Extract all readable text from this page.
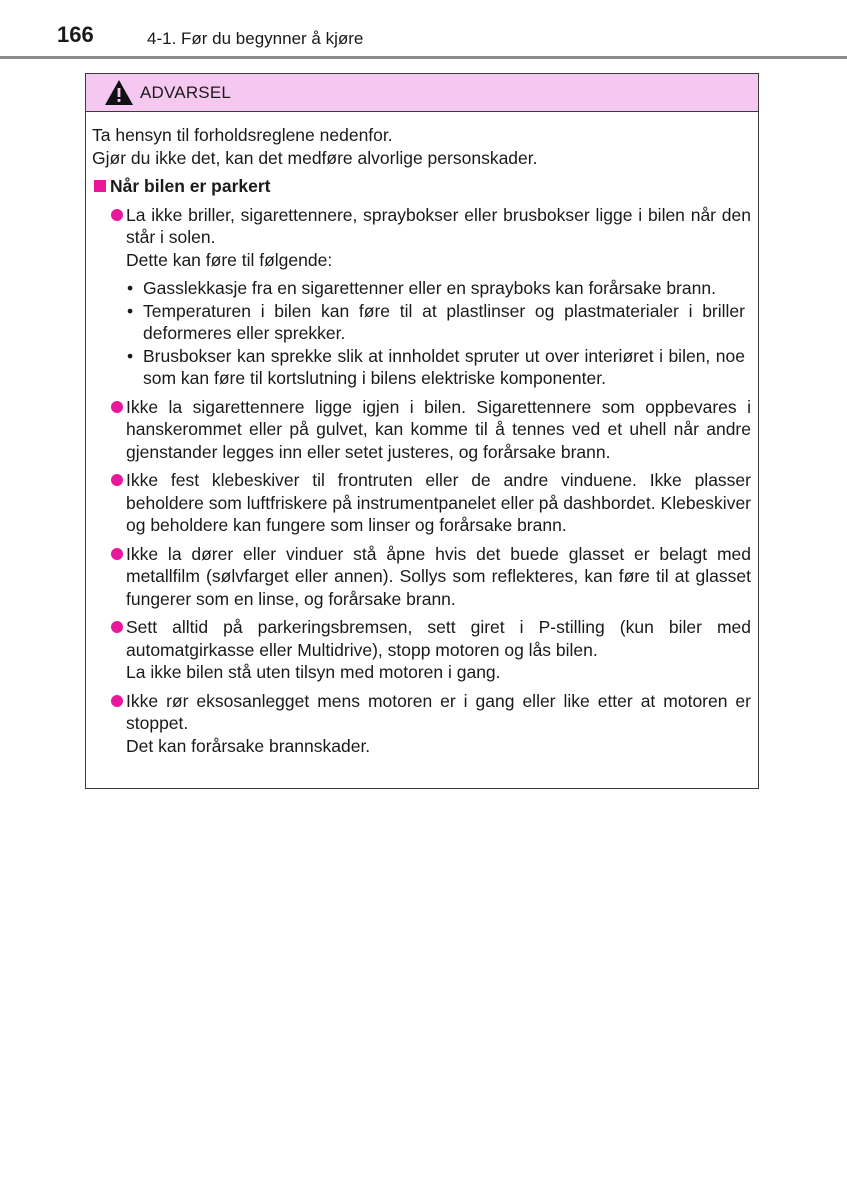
166	4-1. Før du begynner å kjøre
ADVARSEL
Ta hensyn til forholdsreglene nedenfor.
Gjør du ikke det, kan det medføre alvorlige personskader.
Når bilen er parkert

La ikke briller, sigarettennere, spraybokser eller brusbokser ligge i bilen når den står i solen.

Dette kan føre til følgende:

• Gasslekkasje fra en sigarettenner eller en sprayboks kan forårsake brann.
• Temperaturen i bilen kan føre til at plastlinser og plastmaterialer i briller deformeres eller sprekker.
• Brusbokser kan sprekke slik at innholdet spruter ut over interiøret i bilen, noe som kan føre til kortslutning i bilens elektriske komponenter.

Ikke la sigarettennere ligge igjen i bilen. Sigarettennere som oppbevares i hanskerommet eller på gulvet, kan komme til å tennes ved et uhell når andre gjenstander legges inn eller setet justeres, og forårsake brann.

Ikke fest klebeskiver til frontruten eller de andre vinduene. Ikke plasser beholdere som luftfriskere på instrumentpanelet eller på dashbordet. Klebeskiver og beholdere kan fungere som linser og forårsake brann.

Ikke la dører eller vinduer stå åpne hvis det buede glasset er belagt med metallfilm (sølvfarget eller annen). Sollys som reflekteres, kan føre til at glasset fungerer som en linse, og forårsake brann.

Sett alltid på parkeringsbremsen, sett giret i P-stilling (kun biler med automatgirkasse eller Multidrive), stopp motoren og lås bilen.

La ikke bilen stå uten tilsyn med motoren i gang.

Ikke rør eksosanlegget mens motoren er i gang eller like etter at motoren er stoppet.

Det kan forårsake brannskader.
